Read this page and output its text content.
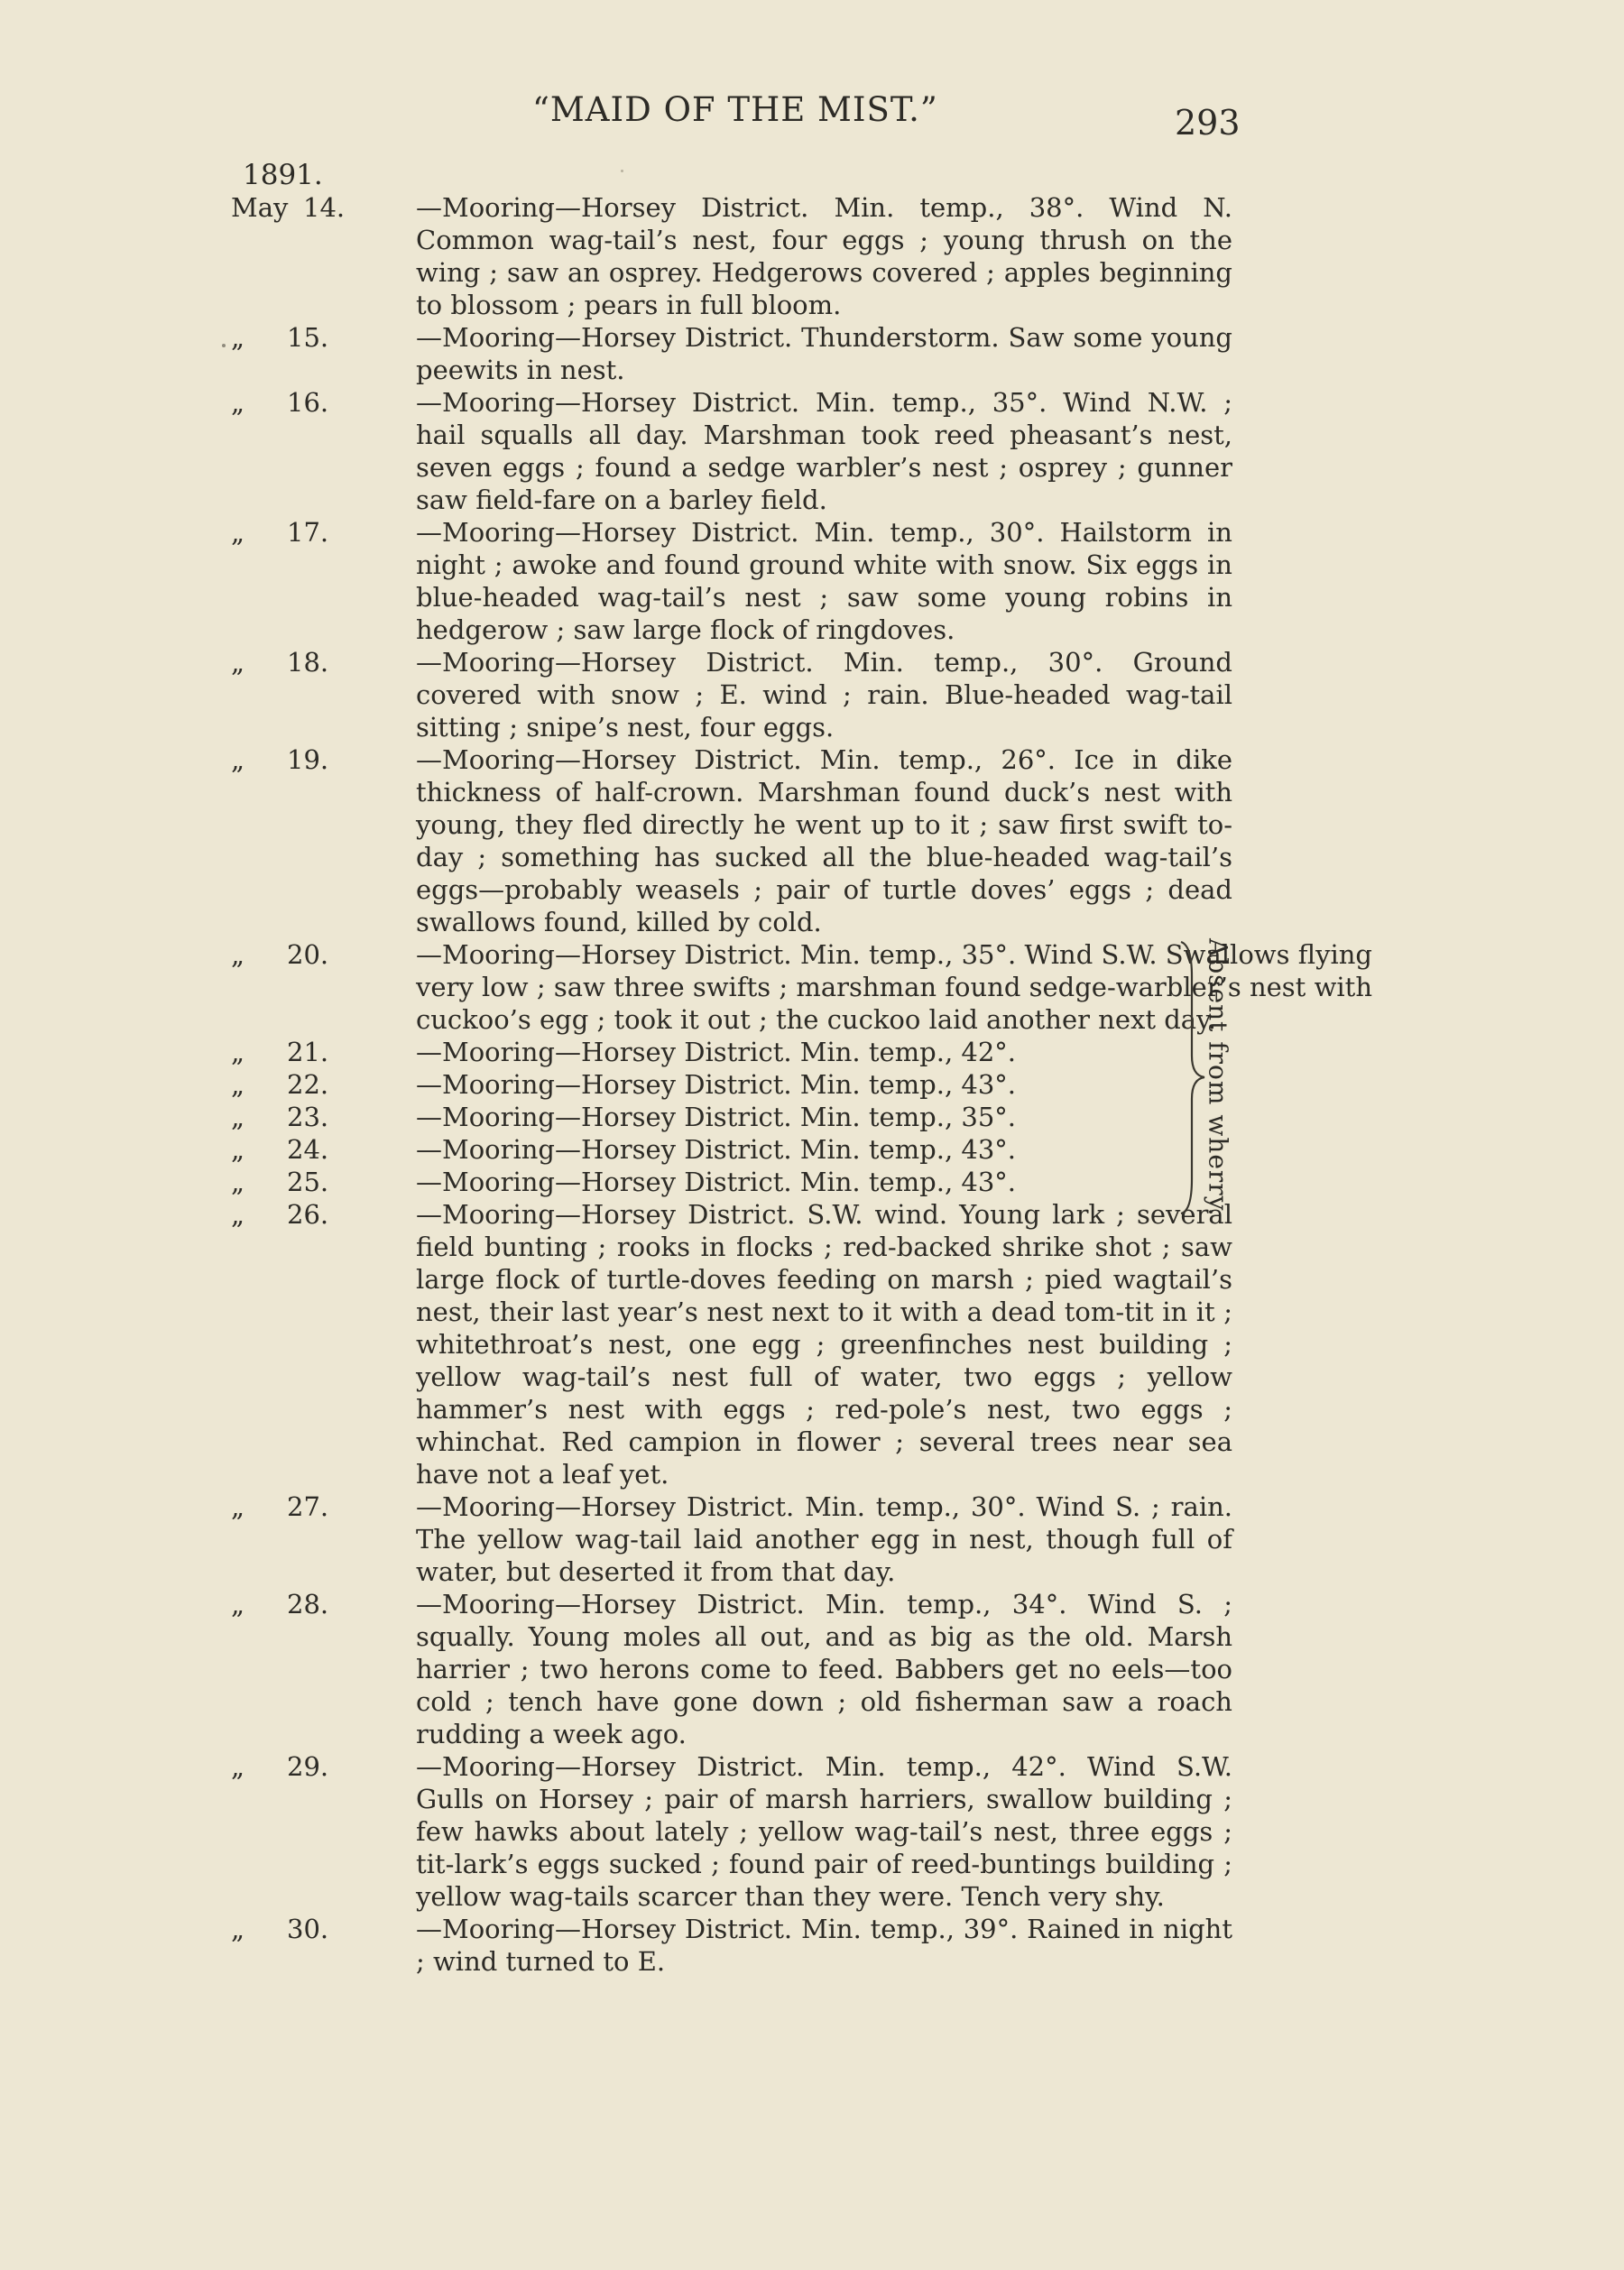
“MAID OF THE MIST.”	293
1891.
May 14.	—Mooring—Horsey District. Min. temp., 38°. Wind N. Common wag-tail’s nest, four eggs ; young thrush on the wing ; saw an osprey. Hedgerows covered ; apples beginning to blossom ; pears in full bloom.
„ 15.	—Mooring—Horsey District. Thunderstorm. Saw some young peewits in nest.
„ 16.	—Mooring—Horsey District. Min. temp., 35°. Wind N.W. ; hail squalls all day. Marshman took reed pheasant’s nest, seven eggs ; found a sedge warbler’s nest ; osprey ; gunner saw field-fare on a barley field.
„ 17.	—Mooring—Horsey District. Min. temp., 30°. Hailstorm in night ; awoke and found ground white with snow. Six eggs in blue-headed wag-tail’s nest ; saw some young robins in hedgerow ; saw large flock of ringdoves.
„ 18.	—Mooring—Horsey District. Min. temp., 30°. Ground covered with snow ; E. wind ; rain. Blue-headed wag-tail sitting ; snipe’s nest, four eggs.
„ 19.	—Mooring—Horsey District. Min. temp., 26°. Ice in dike thickness of half-crown. Marshman found duck’s nest with young, they fled directly he went up to it ; saw first swift to-day ; something has sucked all the blue-headed wag-tail’s eggs—probably weasels ; pair of turtle doves’ eggs ; dead swallows found, killed by cold.
„ 20.	—Mooring—Horsey District. Min. temp., 35°. Wind S.W. Swallows flying very low ; saw three swifts ; marshman found sedge-warbler’s nest with cuckoo’s egg ; took it out ; the cuckoo laid another next day.
„ 21.	—Mooring—Horsey District. Min. temp., 42°.
„ 22.	—Mooring—Horsey District. Min. temp., 43°.
„ 23.	—Mooring—Horsey District. Min. temp., 35°.
„ 24.	—Mooring—Horsey District. Min. temp., 43°.
„ 25.	—Mooring—Horsey District. Min. temp., 43°.
„ 26.	—Mooring—Horsey District. S.W. wind. Young lark ; several field bunting ; rooks in flocks ; red-backed shrike shot ; saw large flock of turtle-doves feeding on marsh ; pied wagtail’s nest, their last year’s nest next to it with a dead tom-tit in it ; whitethroat’s nest, one egg ; greenfinches nest building ; yellow wag-tail’s nest full of water, two eggs ; yellow hammer’s nest with eggs ; red-pole’s nest, two eggs ; whinchat. Red campion in flower ; several trees near sea have not a leaf yet.
„ 27.	—Mooring—Horsey District. Min. temp., 30°. Wind S. ; rain. The yellow wag-tail laid another egg in nest, though full of water, but deserted it from that day.
„ 28.	—Mooring—Horsey District. Min. temp., 34°. Wind S. ; squally. Young moles all out, and as big as the old. Marsh harrier ; two herons come to feed. Babbers get no eels—too cold ; tench have gone down ; old fisherman saw a roach rudding a week ago.
„ 29.	—Mooring—Horsey District. Min. temp., 42°. Wind S.W. Gulls on Horsey ; pair of marsh harriers, swallow building ; few hawks about lately ; yellow wag-tail’s nest, three eggs ; tit-lark’s eggs sucked ; found pair of reed-buntings building ; yellow wag-tails scarcer than they were. Tench very shy.
„ 30.	—Mooring—Horsey District. Min. temp., 39°. Rained in night ; wind turned to E.
Absent from wherry.
